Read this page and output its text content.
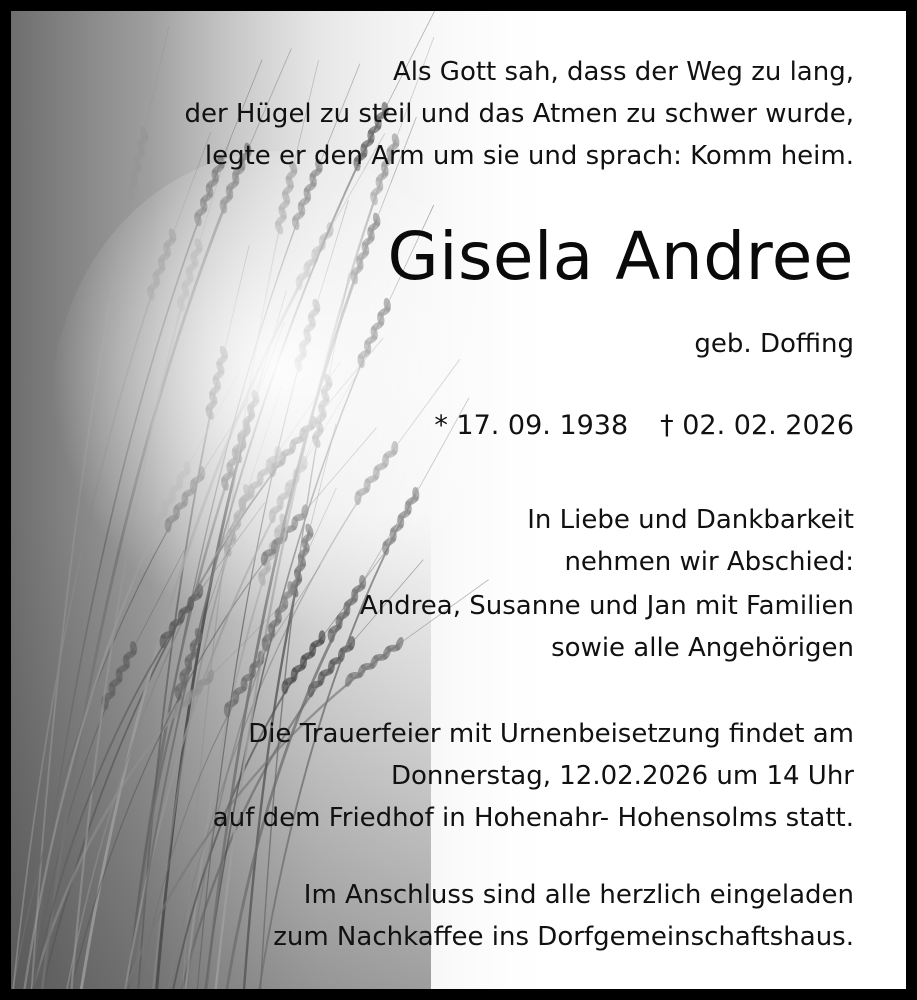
Als Gott sah, dass der Weg zu lang,
der Hügel zu steil und das Atmen zu schwer wurde,
legte er den Arm um sie und sprach: Komm heim.
Gisela Andree
geb. Doffing
* 17. 09. 1938 † 02. 02. 2026
In Liebe und Dankbarkeit
nehmen wir Abschied:
Andrea, Susanne und Jan mit Familien
sowie alle Angehörigen
Die Trauerfeier mit Urnenbeisetzung findet am
Donnerstag, 12.02.2026 um 14 Uhr
auf dem Friedhof in Hohenahr- Hohensolms statt.
Im Anschluss sind alle herzlich eingeladen
zum Nachkaffee ins Dorfgemeinschaftshaus.
